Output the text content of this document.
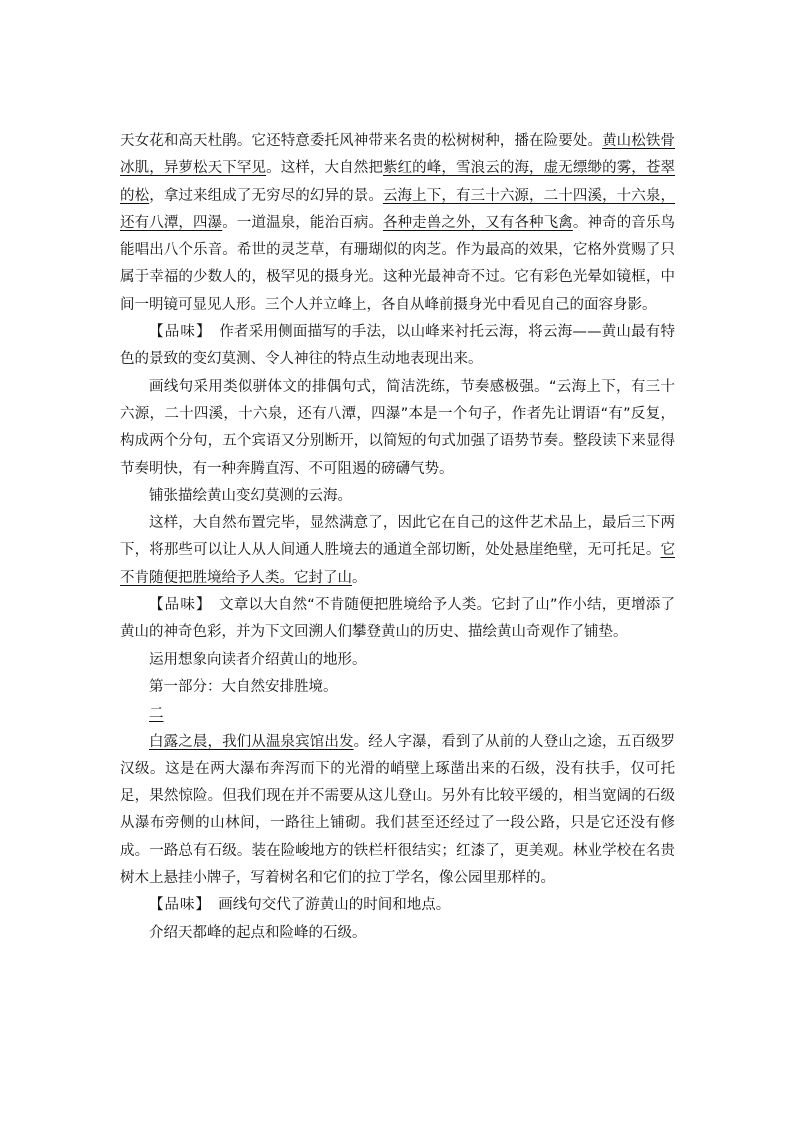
天女花和高天杜鹃。它还特意委托风神带来名贵的松树树种，播在险要处。黄山松铁骨冰肌，异萝松天下罕见。这样，大自然把紫红的峰，雪浪云的海，虚无缥缈的雾，苍翠的松，拿过来组成了无穷尽的幻异的景。云海上下，有三十六源，二十四溪，十六泉，还有八潭，四瀑。一道温泉，能治百病。各种走兽之外，又有各种飞禽。神奇的音乐鸟能唱出八个乐音。希世的灵芝草，有珊瑚似的肉芝。作为最高的效果，它格外赏赐了只属于幸福的少数人的，极罕见的摄身光。这种光最神奇不过。它有彩色光晕如镜框，中间一明镜可显见人形。三个人并立峰上，各自从峰前摄身光中看见自己的面容身影。

【品味】　作者采用侧面描写的手法，以山峰来衬托云海，将云海——黄山最有特色的景致的变幻莫测、令人神往的特点生动地表现出来。

画线句采用类似骈体文的排偶句式，简洁洗练，节奏感极强。“云海上下，有三十六源，二十四溪，十六泉，还有八潭，四瀑”本是一个句子，作者先让谓语“有”反复，构成两个分句，五个宾语又分别断开，以简短的句式加强了语势节奏。整段读下来显得节奏明快，有一种奔腾直泻、不可阻遏的磅礴气势。

铺张描绘黄山变幻莫测的云海。

这样，大自然布置完毕，显然满意了，因此它在自己的这件艺术品上，最后三下两下，将那些可以让人从人间通人胜境去的通道全部切断，处处悬崖绝壁，无可托足。它不肯随便把胜境给予人类。它封了山。

【品味】　文章以大自然“不肯随便把胜境给予人类。它封了山”作小结，更增添了黄山的神奇色彩，并为下文回溯人们攀登黄山的历史、描绘黄山奇观作了铺垫。

运用想象向读者介绍黄山的地形。

第一部分：大自然安排胜境。

二

白露之晨，我们从温泉宾馆出发。经人字瀑，看到了从前的人登山之途，五百级罗汉级。这是在两大瀑布奔泻而下的光滑的峭壁上琢凿出来的石级，没有扶手，仅可托足，果然惊险。但我们现在并不需要从这儿登山。另外有比较平缓的，相当宽阔的石级从瀑布旁侧的山林间，一路往上铺砌。我们甚至还经过了一段公路，只是它还没有修成。一路总有石级。装在险峻地方的铁栏杆很结实；红漆了，更美观。林业学校在名贵树木上悬挂小牌子，写着树名和它们的拉丁学名，像公园里那样的。

【品味】　画线句交代了游黄山的时间和地点。

介绍天都峰的起点和险峰的石级。
